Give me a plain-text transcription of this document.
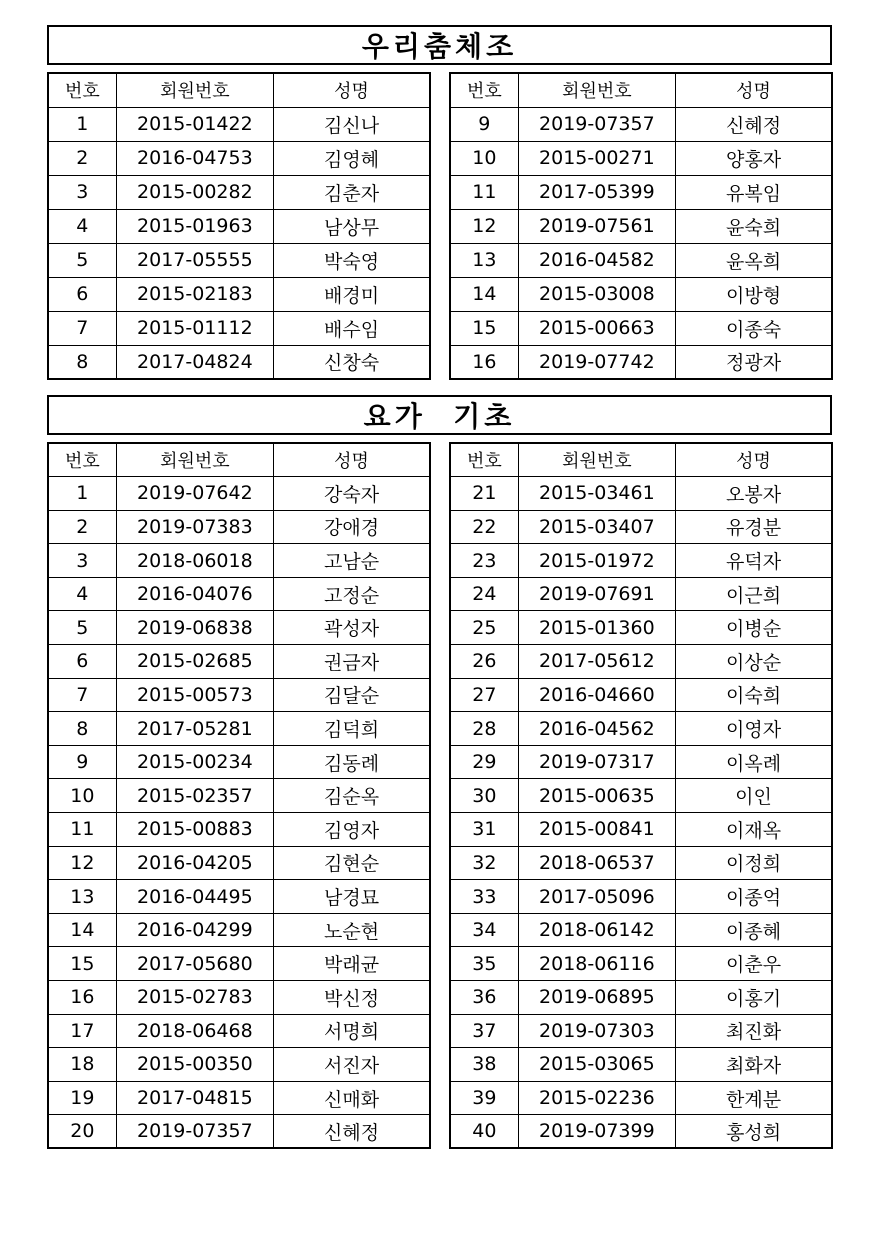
우리춤체조
번호	회원번호	성명
1	2015-01422	김신나
2	2016-04753	김영혜
3	2015-00282	김춘자
4	2015-01963	남상무
5	2017-05555	박숙영
6	2015-02183	배경미
7	2015-01112	배수임
8	2017-04824	신창숙
번호	회원번호	성명
9	2019-07357	신혜정
10	2015-00271	양홍자
11	2017-05399	유복임
12	2019-07561	윤숙희
13	2016-04582	윤옥희
14	2015-03008	이방형
15	2015-00663	이종숙
16	2019-07742	정광자
요가  기초
번호	회원번호	성명
1	2019-07642	강숙자
2	2019-07383	강애경
3	2018-06018	고남순
4	2016-04076	고정순
5	2019-06838	곽성자
6	2015-02685	권금자
7	2015-00573	김달순
8	2017-05281	김덕희
9	2015-00234	김동례
10	2015-02357	김순옥
11	2015-00883	김영자
12	2016-04205	김현순
13	2016-04495	남경묘
14	2016-04299	노순현
15	2017-05680	박래균
16	2015-02783	박신정
17	2018-06468	서명희
18	2015-00350	서진자
19	2017-04815	신매화
20	2019-07357	신혜정
번호	회원번호	성명
21	2015-03461	오봉자
22	2015-03407	유경분
23	2015-01972	유덕자
24	2019-07691	이근희
25	2015-01360	이병순
26	2017-05612	이상순
27	2016-04660	이숙희
28	2016-04562	이영자
29	2019-07317	이옥례
30	2015-00635	이인
31	2015-00841	이재옥
32	2018-06537	이정희
33	2017-05096	이종억
34	2018-06142	이종혜
35	2018-06116	이춘우
36	2019-06895	이홍기
37	2019-07303	최진화
38	2015-03065	최화자
39	2015-02236	한계분
40	2019-07399	홍성희
